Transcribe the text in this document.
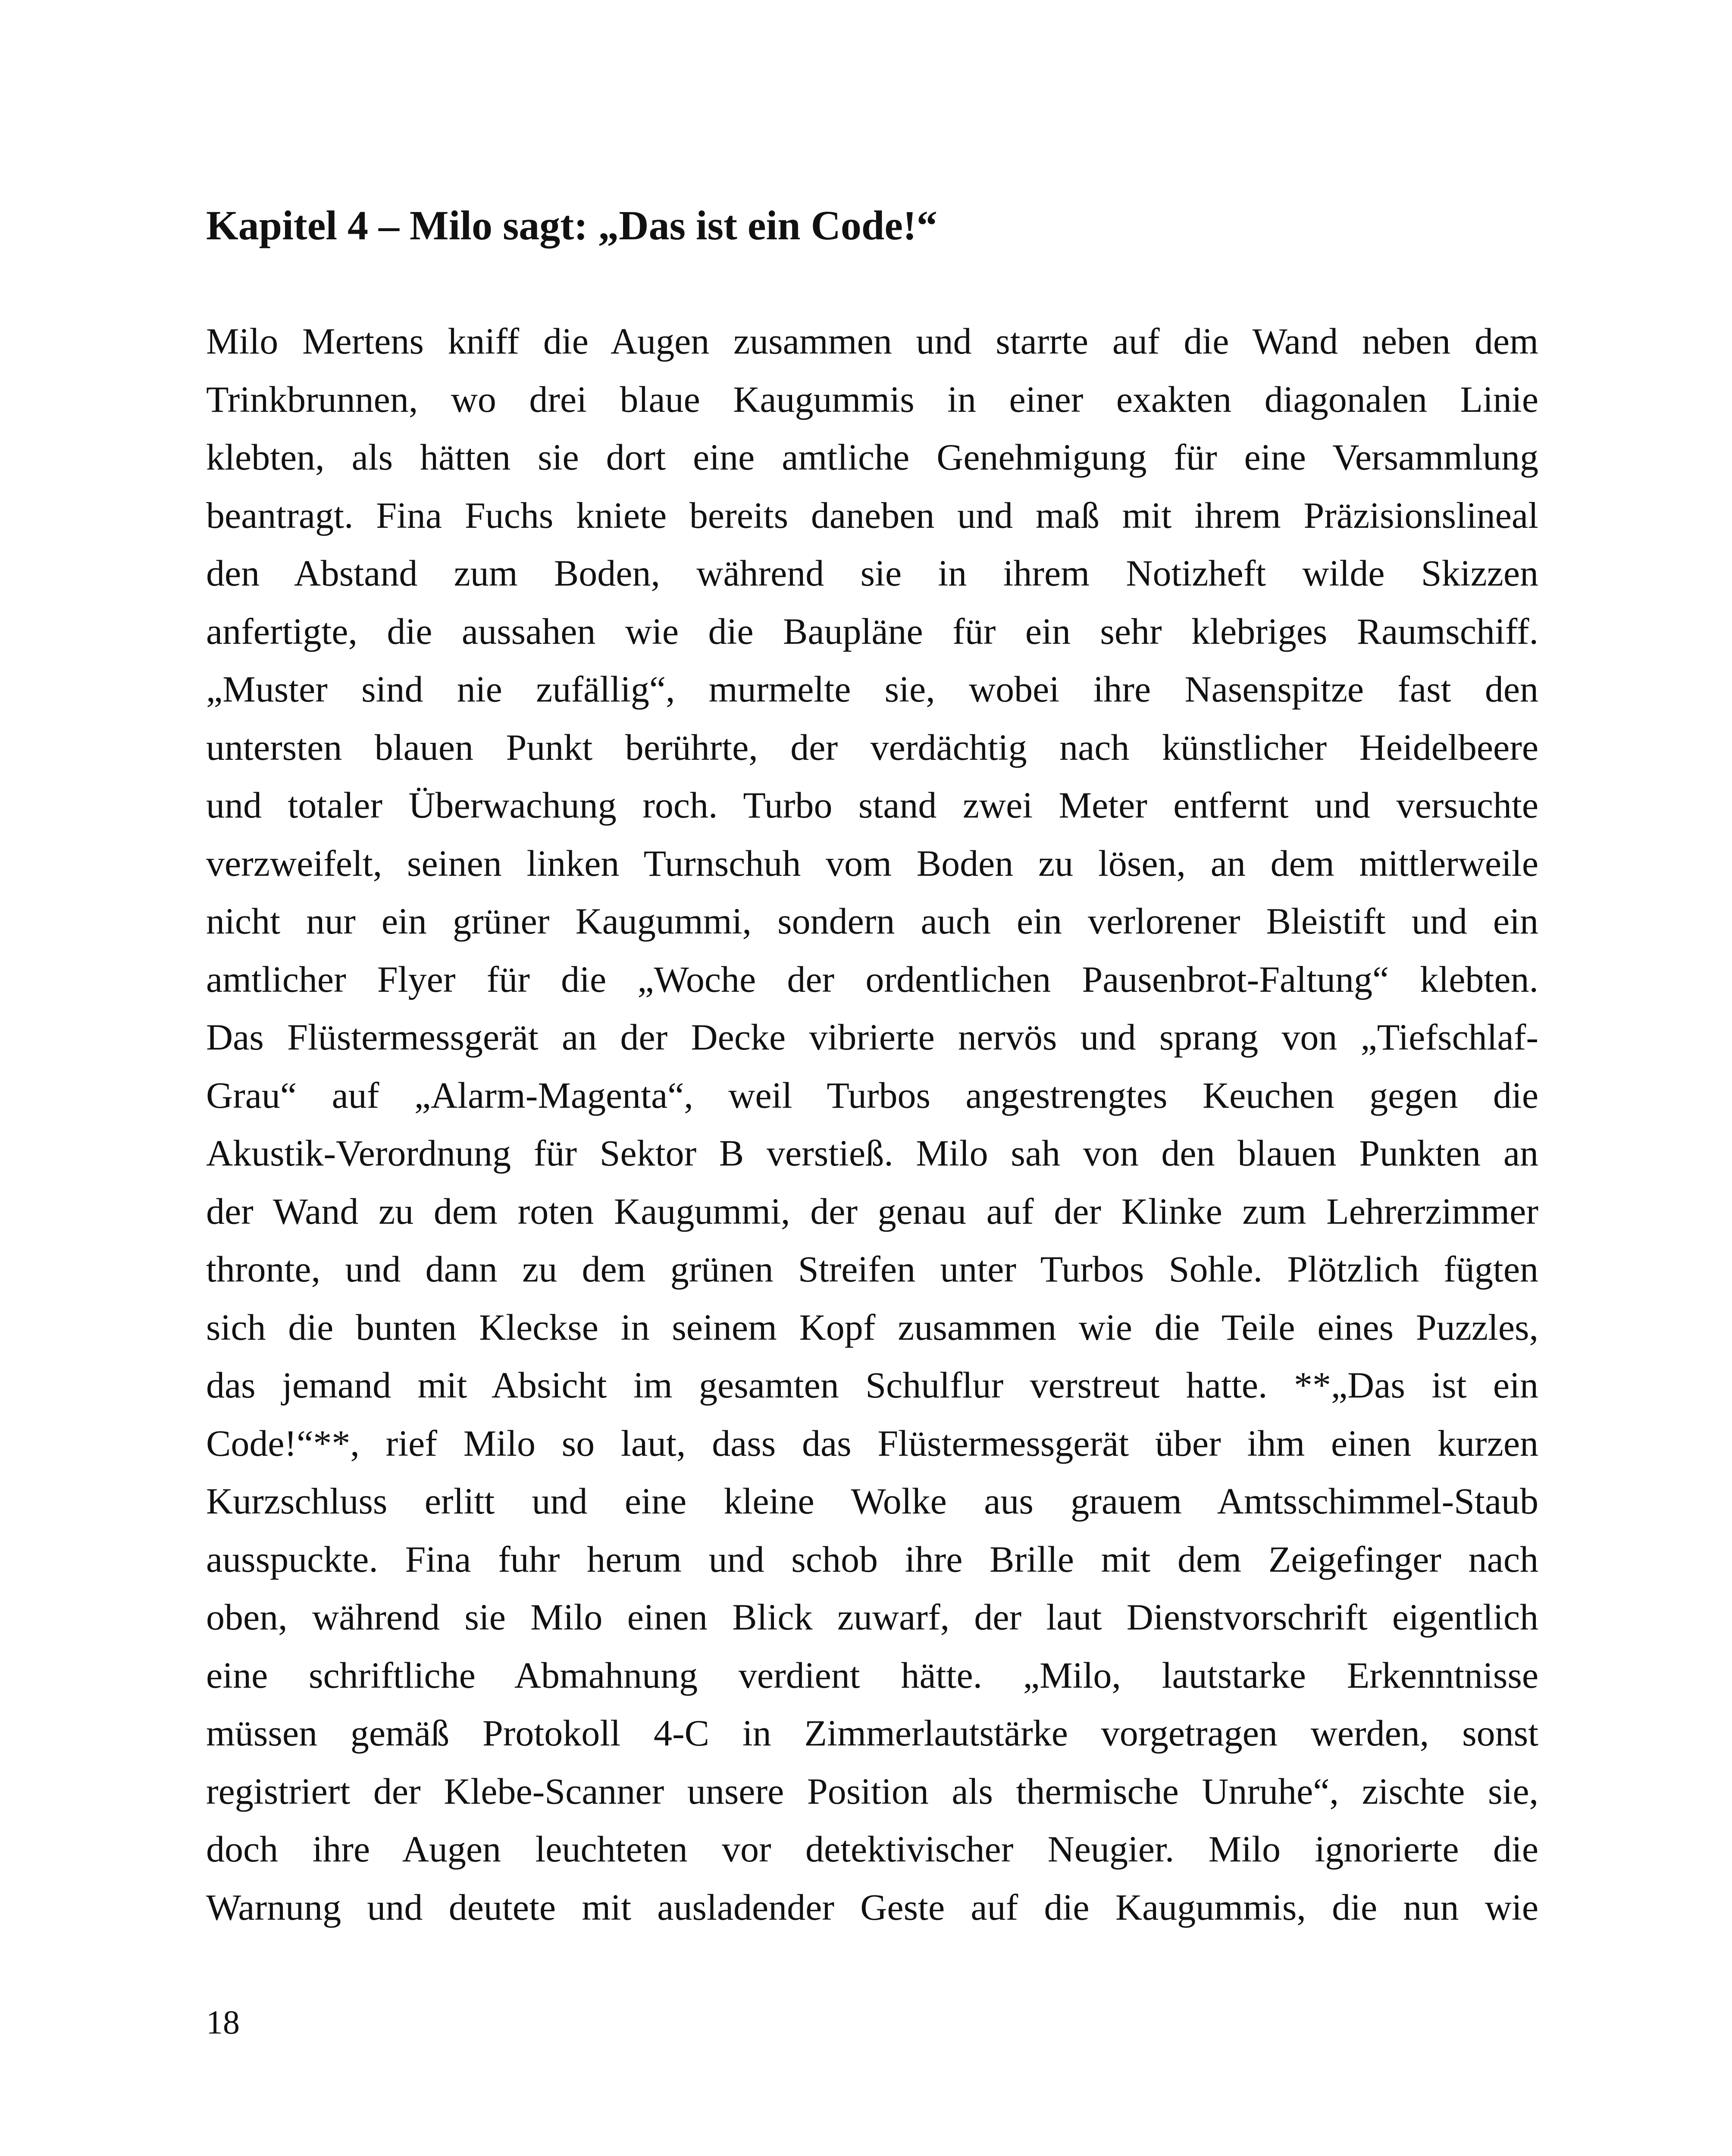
Kapitel 4 – Milo sagt: „Das ist ein Code!“
Milo Mertens kniff die Augen zusammen und starrte auf die Wand neben dem
Trinkbrunnen, wo drei blaue Kaugummis in einer exakten diagonalen Linie
klebten, als hätten sie dort eine amtliche Genehmigung für eine Versammlung
beantragt. Fina Fuchs kniete bereits daneben und maß mit ihrem Präzisionslineal
den Abstand zum Boden, während sie in ihrem Notizheft wilde Skizzen
anfertigte, die aussahen wie die Baupläne für ein sehr klebriges Raumschiff.
„Muster sind nie zufällig“, murmelte sie, wobei ihre Nasenspitze fast den
untersten blauen Punkt berührte, der verdächtig nach künstlicher Heidelbeere
und totaler Überwachung roch. Turbo stand zwei Meter entfernt und versuchte
verzweifelt, seinen linken Turnschuh vom Boden zu lösen, an dem mittlerweile
nicht nur ein grüner Kaugummi, sondern auch ein verlorener Bleistift und ein
amtlicher Flyer für die „Woche der ordentlichen Pausenbrot-Faltung“ klebten.
Das Flüstermessgerät an der Decke vibrierte nervös und sprang von „Tiefschlaf-
Grau“ auf „Alarm-Magenta“, weil Turbos angestrengtes Keuchen gegen die
Akustik-Verordnung für Sektor B verstieß. Milo sah von den blauen Punkten an
der Wand zu dem roten Kaugummi, der genau auf der Klinke zum Lehrerzimmer
thronte, und dann zu dem grünen Streifen unter Turbos Sohle. Plötzlich fügten
sich die bunten Kleckse in seinem Kopf zusammen wie die Teile eines Puzzles,
das jemand mit Absicht im gesamten Schulflur verstreut hatte. **„Das ist ein
Code!“**, rief Milo so laut, dass das Flüstermessgerät über ihm einen kurzen
Kurzschluss erlitt und eine kleine Wolke aus grauem Amtsschimmel-Staub
ausspuckte. Fina fuhr herum und schob ihre Brille mit dem Zeigefinger nach
oben, während sie Milo einen Blick zuwarf, der laut Dienstvorschrift eigentlich
eine schriftliche Abmahnung verdient hätte. „Milo, lautstarke Erkenntnisse
müssen gemäß Protokoll 4-C in Zimmerlautstärke vorgetragen werden, sonst
registriert der Klebe-Scanner unsere Position als thermische Unruhe“, zischte sie,
doch ihre Augen leuchteten vor detektivischer Neugier. Milo ignorierte die
Warnung und deutete mit ausladender Geste auf die Kaugummis, die nun wie

18
